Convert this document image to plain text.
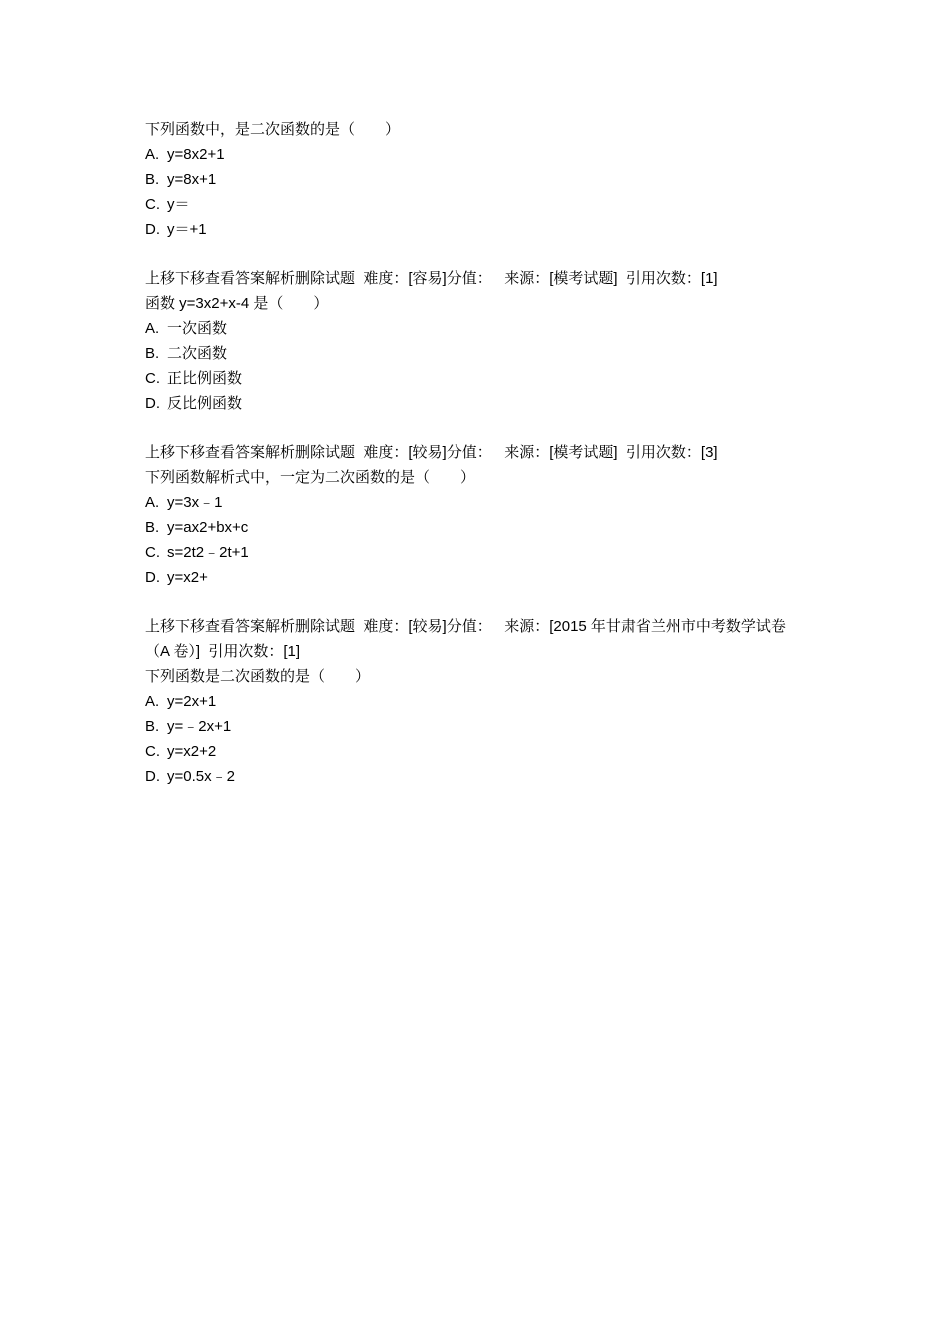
下列函数中，是二次函数的是（　　）
A. y=8x2+1
B. y=8x+1
C. y＝
D. y＝+1
上移下移查看答案解析删除试题 难度：[容易]分值： 来源：[模考试题] 引用次数：[1]
函数 y=3x2+x-4 是（　　）
A. 一次函数
B. 二次函数
C. 正比例函数
D. 反比例函数
上移下移查看答案解析删除试题 难度：[较易]分值： 来源：[模考试题] 引用次数：[3]
下列函数解析式中，一定为二次函数的是（　　）
A. y=3x﹣1
B. y=ax2+bx+c
C. s=2t2﹣2t+1
D. y=x2+
上移下移查看答案解析删除试题 难度：[较易]分值： 来源：[2015 年甘肃省兰州市中考数学试卷（A 卷）] 引用次数：[1]
下列函数是二次函数的是（　　）
A. y=2x+1
B. y=﹣2x+1
C. y=x2+2
D. y=0.5x﹣2
